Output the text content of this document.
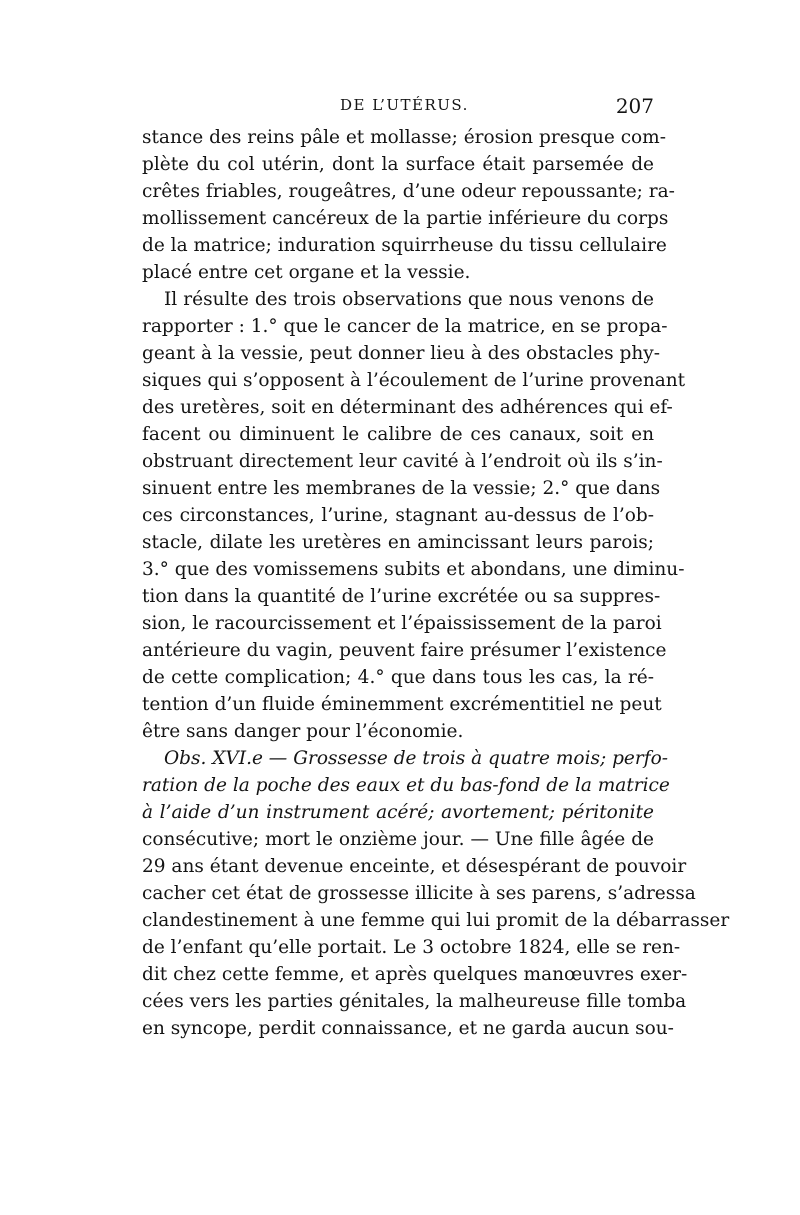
DE L’UTÉRUS.	207
stance des reins pâle et mollasse; érosion presque com-
plète du col utérin, dont la surface était parsemée de
crêtes friables, rougeâtres, d’une odeur repoussante; ra-
mollissement cancéreux de la partie inférieure du corps
de la matrice; induration squirrheuse du tissu cellulaire
placé entre cet organe et la vessie.
Il résulte des trois observations que nous venons de
rapporter : 1.° que le cancer de la matrice, en se propa-
geant à la vessie, peut donner lieu à des obstacles phy-
siques qui s’opposent à l’écoulement de l’urine provenant
des uretères, soit en déterminant des adhérences qui ef-
facent ou diminuent le calibre de ces canaux, soit en
obstruant directement leur cavité à l’endroit où ils s’in-
sinuent entre les membranes de la vessie; 2.° que dans
ces circonstances, l’urine, stagnant au-dessus de l’ob-
stacle, dilate les uretères en amincissant leurs parois;
3.° que des vomissemens subits et abondans, une diminu-
tion dans la quantité de l’urine excrétée ou sa suppres-
sion, le racourcissement et l’épaississement de la paroi
antérieure du vagin, peuvent faire présumer l’existence
de cette complication; 4.° que dans tous les cas, la ré-
tention d’un fluide éminemment excrémentitiel ne peut
être sans danger pour l’économie.
Obs. XVI.e — Grossesse de trois à quatre mois; perfo-
ration de la poche des eaux et du bas-fond de la matrice
à l’aide d’un instrument acéré; avortement; péritonite
consécutive; mort le onzième jour. — Une fille âgée de
29 ans étant devenue enceinte, et désespérant de pouvoir
cacher cet état de grossesse illicite à ses parens, s’adressa
clandestinement à une femme qui lui promit de la débarrasser
de l’enfant qu’elle portait. Le 3 octobre 1824, elle se ren-
dit chez cette femme, et après quelques manœuvres exer-
cées vers les parties génitales, la malheureuse fille tomba
en syncope, perdit connaissance, et ne garda aucun sou-
